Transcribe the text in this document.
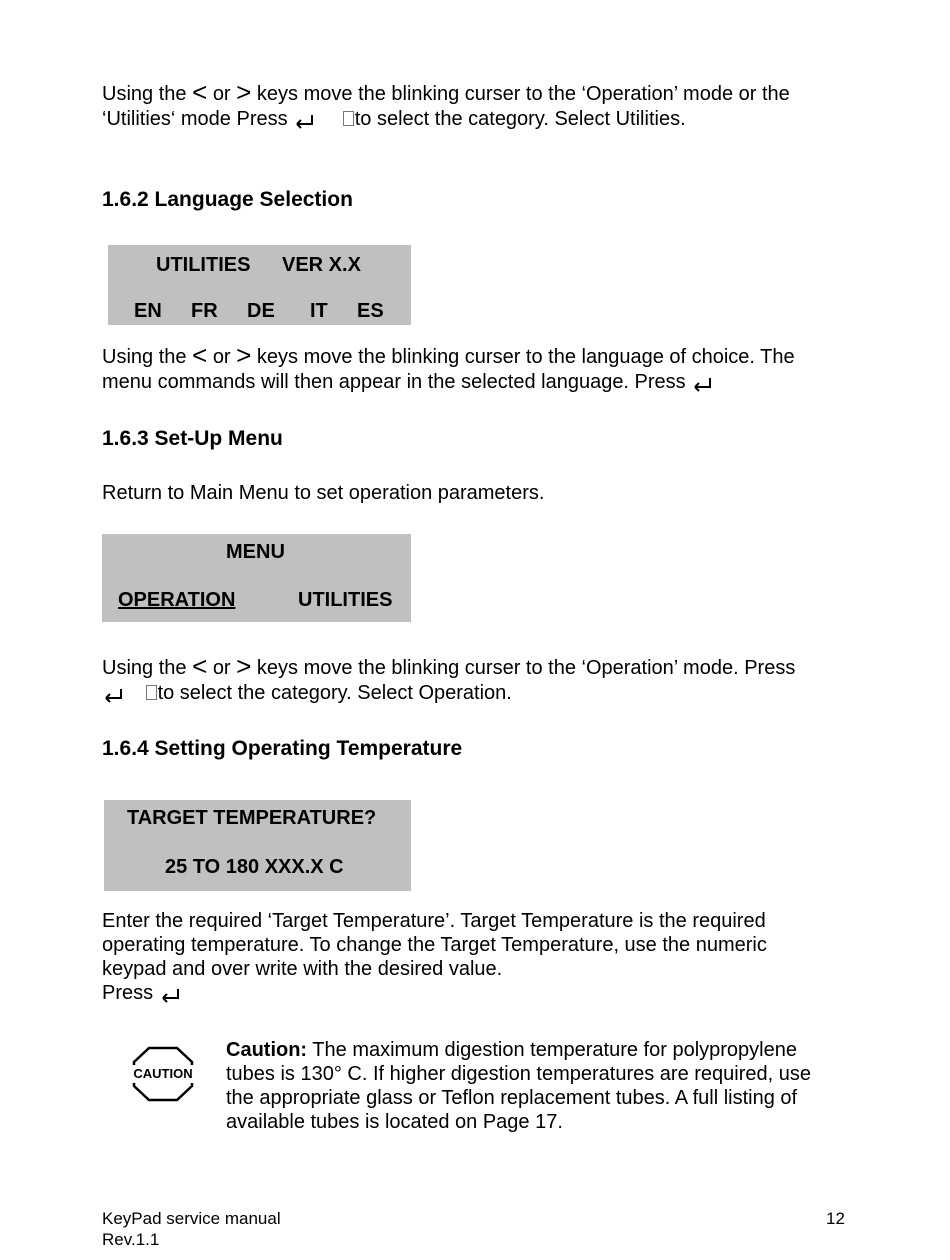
Using the < or > keys move the blinking curser to the ‘Operation’ mode or the
‘Utilities‘ mode Press	to select the category. Select Utilities.
1.6.2 Language Selection
UTILITIES VER X.X
EN FR DE IT ES
Using the < or > keys move the blinking curser to the language of choice. The
menu commands will then appear in the selected language. Press
1.6.3 Set-Up Menu

Return to Main Menu to set operation parameters.

MENU
OPERATION	UTILITIES
Using the < or > keys move the blinking curser to the ‘Operation’ mode. Press
to select the category. Select Operation.
1.6.4 Setting Operating Temperature
TARGET TEMPERATURE?
25 TO 180 XXX.X C
Enter the required ‘Target Temperature’. Target Temperature is the required
operating temperature. To change the Target Temperature, use the numeric
keypad and over write with the desired value.
Press
CAUTION
Caution: The maximum digestion temperature for polypropylene
tubes is 130° C. If higher digestion temperatures are required, use
the appropriate glass or Teflon replacement tubes. A full listing of
available tubes is located on Page 17.
KeyPad service manual
Rev.1.1
12
